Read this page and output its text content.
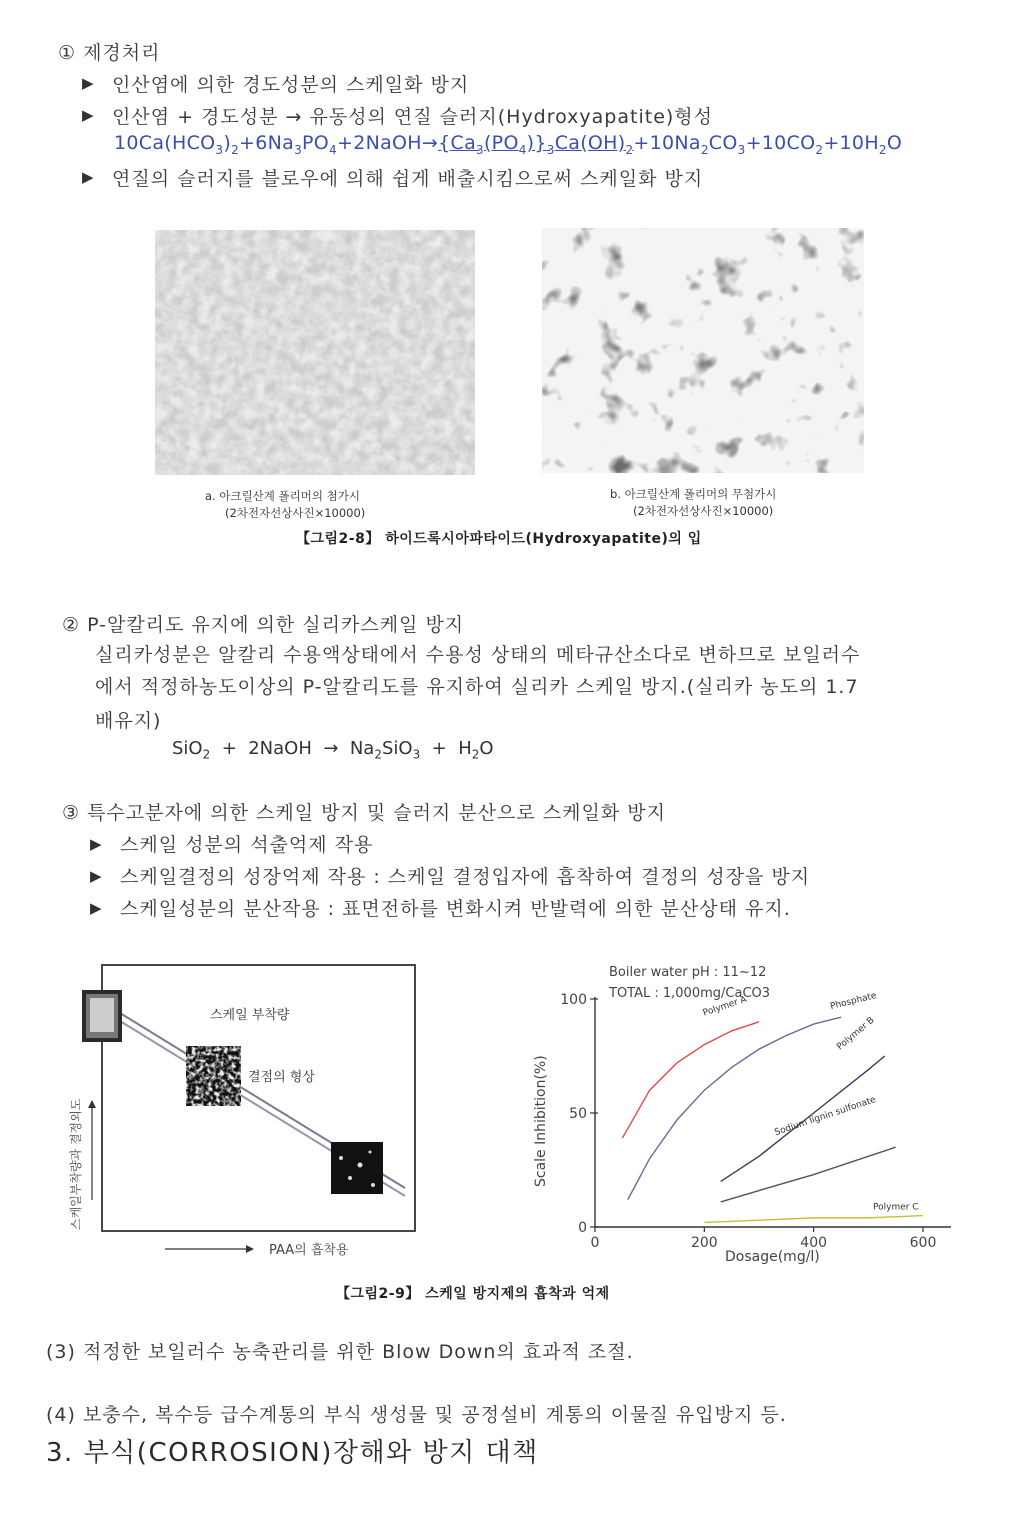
① 제경처리
▶ 인산염에 의한 경도성분의 스케일화 방지
▶ 인산염 + 경도성분 → 유동성의 연질 슬러지(Hydroxyapatite)형성
$10Ca(HCO_3)_2+6Na_3PO_4+2NaOH\to\{Ca_3(PO_4)\}_3Ca(OH)_2+10Na_2CO_3+10CO_2+10H_2O$
▶ 연질의 슬러지를 블로우에 의해 쉽게 배출시킴으로써 스케일화 방지
a. 아크릴산계 폴리머의 첨가시
(2차전자선상사진×10000)
b. 아크릴산계 폴리머의 무첨가시
(2차전자선상사진×10000)
【그림2-8】 하이드록시아파타이드(Hydroxyapatite)의 입
② P-알칼리도 유지에 의한 실리카스케일 방지
실리카성분은 알칼리 수용액상태에서 수용성 상태의 메타규산소다로 변하므로 보일러수
에서 적정하농도이상의 P-알칼리도를 유지하여 실리카 스케일 방지.(실리카 농도의 1.7
배유지)
SiO$_2$  +  2NaOH  →  $Na_2SiO_3 + H_2O$
③ 특수고분자에 의한 스케일 방지 및 슬러지 분산으로 스케일화 방지
▶ 스케일 성분의 석출억제 작용
▶ 스케일결정의 성장억제 작용 : 스케일 결정입자에 흡착하여 결정의 성장을 방지
▶ 스케일성분의 분산작용 : 표면전하를 변화시켜 반발력에 의한 분산상태 유지.
스케일 부착량
결점의 형상
PAA의 흡착용
스케일부착량과 결정외도	0
50
100
0	200	400	600
Polymer A	Phosphate
Polymer B
Sodium lignin sulfonate
Polymer C
Boiler water pH : 11~12
TOTAL : 1,000mg/CaCO3
Dosage(mg/l)
Scale Inhibition(%)
【그림2-9】 스케일 방지제의 흡착과 억제
(3) 적정한 보일러수 농축관리를 위한 Blow Down의 효과적 조절.
(4) 보충수, 복수등 급수계통의 부식 생성물 및 공정설비 계통의 이물질 유입방지 등.
3. 부식(CORROSION)장해와 방지 대책
